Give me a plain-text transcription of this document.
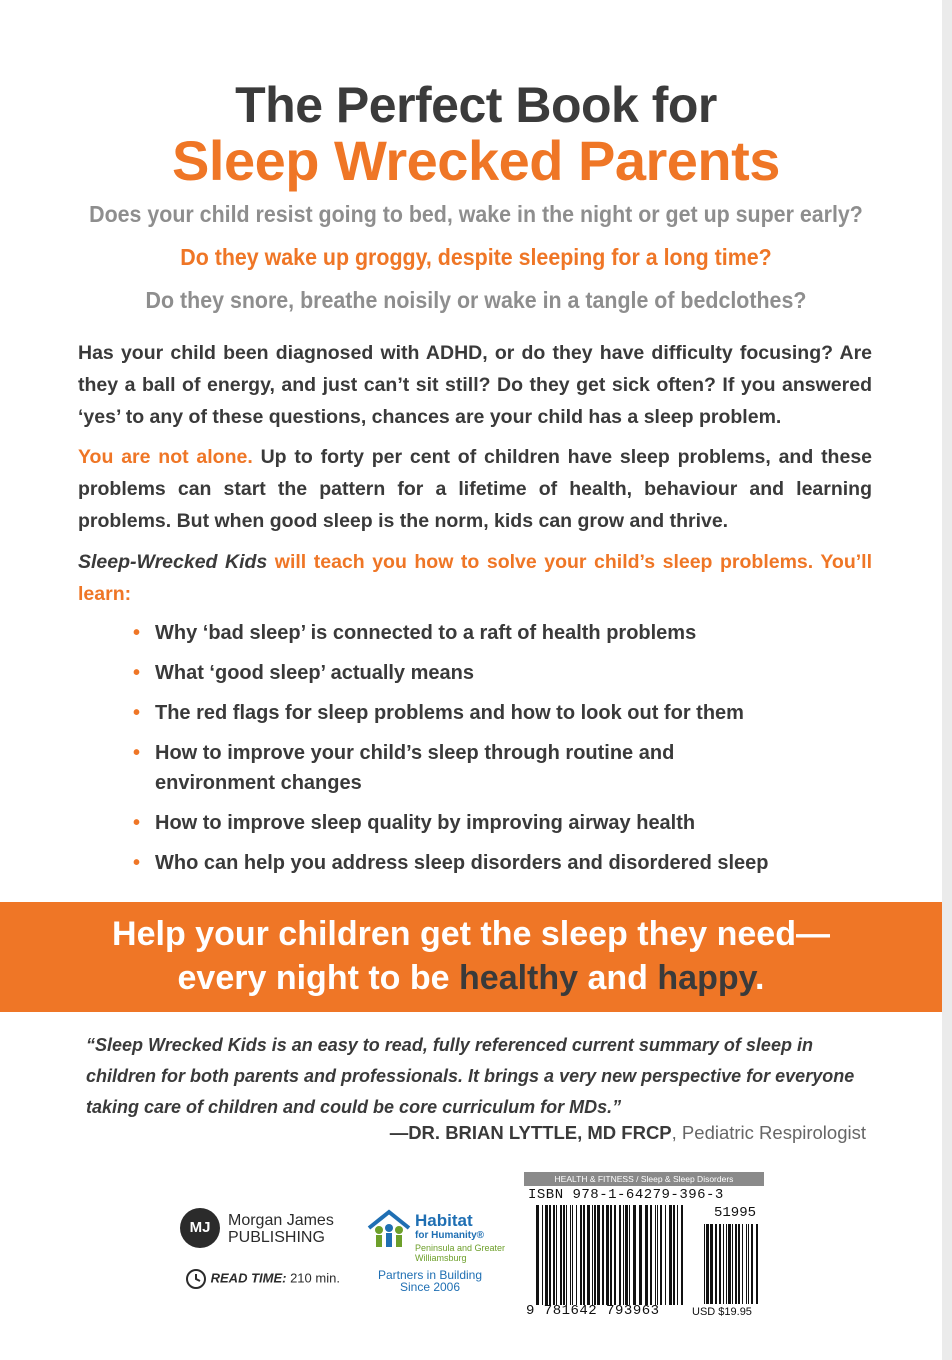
The Perfect Book for
Sleep Wrecked Parents
Does your child resist going to bed, wake in the night or get up super early?
Do they wake up groggy, despite sleeping for a long time?
Do they snore, breathe noisily or wake in a tangle of bedclothes?
Has your child been diagnosed with ADHD, or do they have difficulty focusing? Are they a ball of energy, and just can’t sit still? Do they get sick often? If you answered ‘yes’ to any of these questions, chances are your child has a sleep problem.
You are not alone. Up to forty per cent of children have sleep problems, and these problems can start the pattern for a lifetime of health, behaviour and learning problems. But when good sleep is the norm, kids can grow and thrive.
Sleep-Wrecked Kids will teach you how to solve your child’s sleep problems. You’ll learn:
• Why ‘bad sleep’ is connected to a raft of health problems
• What ‘good sleep’ actually means
• The red flags for sleep problems and how to look out for them
• How to improve your child’s sleep through routine and environment changes
• How to improve sleep quality by improving airway health
• Who can help you address sleep disorders and disordered sleep
Help your children get the sleep they need—
every night to be healthy and happy.
“Sleep Wrecked Kids is an easy to read, fully referenced current summary of sleep in children for both parents and professionals. It brings a very new perspective for everyone taking care of children and could be core curriculum for MDs.”
—DR. BRIAN LYTTLE, MD FRCP, Pediatric Respirologist
MJ	Morgan James
PUBLISHING
READ TIME: 210 min.
Habitat
for Humanity®
Peninsula and Greater Williamsburg
Partners in Building
Since 2006
HEALTH & FITNESS / Sleep & Sleep Disorders
ISBN 978-1-64279-396-3
51995
9 781642 793963	USD $19.95
